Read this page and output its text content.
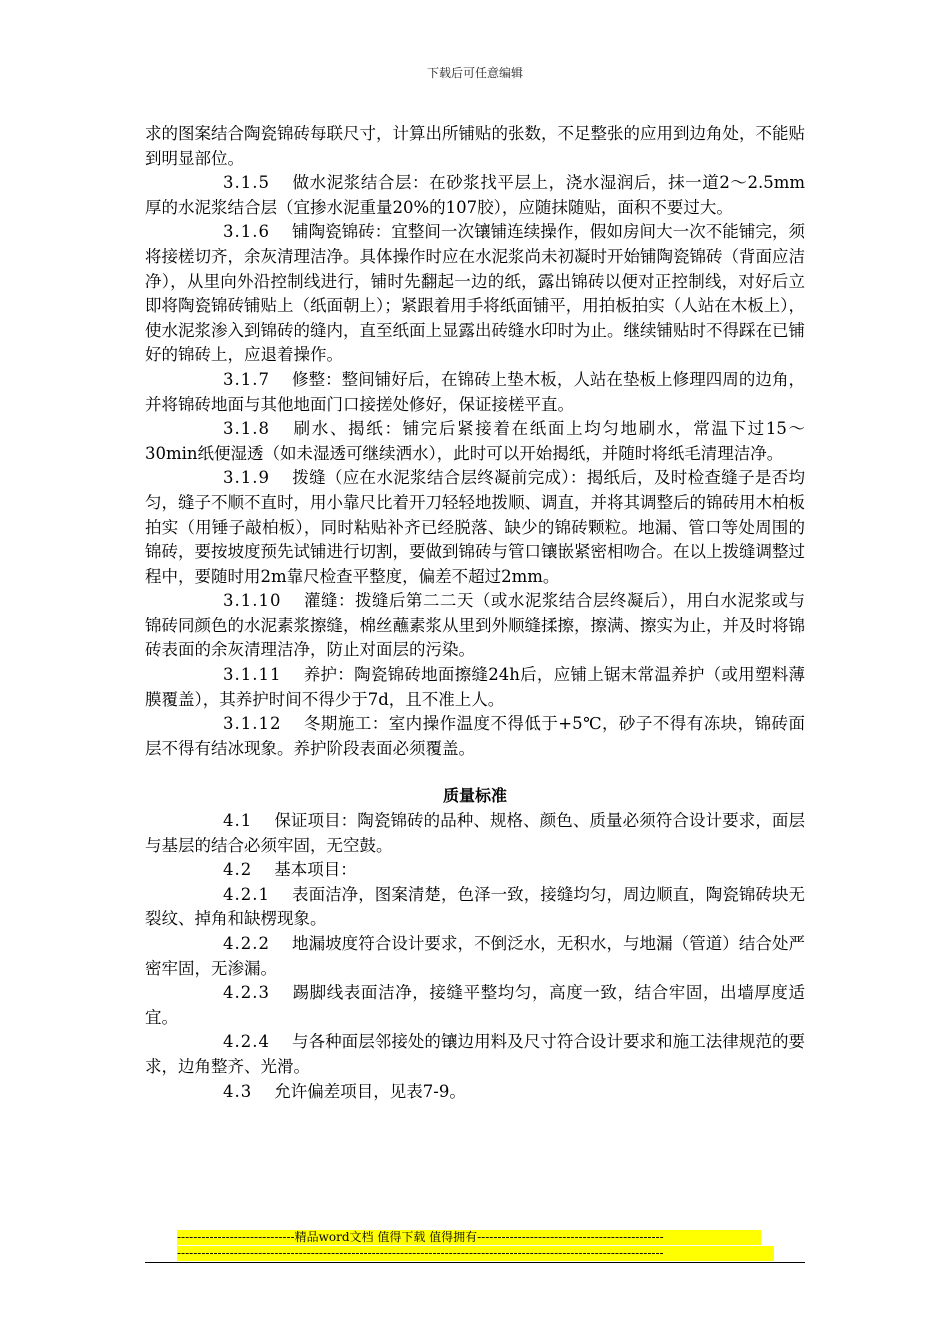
下载后可任意编辑

求的图案结合陶瓷锦砖每联尺寸，计算出所铺贴的张数，不足整张的应用到边角处，不能贴到明显部位。

3.1.5 做水泥浆结合层：在砂浆找平层上，浇水湿润后，抹一道2～2.5mm厚的水泥浆结合层（宜掺水泥重量20%的107胶），应随抹随贴，面积不要过大。

3.1.6 铺陶瓷锦砖：宜整间一次镶铺连续操作，假如房间大一次不能铺完，须将接槎切齐，余灰清理洁净。具体操作时应在水泥浆尚未初凝时开始铺陶瓷锦砖（背面应洁净），从里向外沿控制线进行，铺时先翻起一边的纸，露出锦砖以便对正控制线，对好后立即将陶瓷锦砖铺贴上（纸面朝上）；紧跟着用手将纸面铺平，用拍板拍实（人站在木板上），使水泥浆渗入到锦砖的缝内，直至纸面上显露出砖缝水印时为止。继续铺贴时不得踩在已铺好的锦砖上，应退着操作。

3.1.7 修整：整间铺好后，在锦砖上垫木板，人站在垫板上修理四周的边角，并将锦砖地面与其他地面门口接搓处修好，保证接槎平直。

3.1.8 刷水、揭纸：铺完后紧接着在纸面上均匀地刷水，常温下过15～30min纸便湿透（如未湿透可继续洒水），此时可以开始揭纸，并随时将纸毛清理洁净。

3.1.9 拨缝（应在水泥浆结合层终凝前完成）：揭纸后，及时检查缝子是否均匀，缝子不顺不直时，用小靠尺比着开刀轻轻地拨顺、调直，并将其调整后的锦砖用木柏板拍实（用锤子敲柏板），同时粘贴补齐已经脱落、缺少的锦砖颗粒。地漏、管口等处周围的锦砖，要按坡度预先试铺进行切割，要做到锦砖与管口镶嵌紧密相吻合。在以上拨缝调整过程中，要随时用2m靠尺检查平整度，偏差不超过2mm。

3.1.10 灌缝：拨缝后第二二天（或水泥浆结合层终凝后），用白水泥浆或与锦砖同颜色的水泥素浆擦缝，棉丝蘸素浆从里到外顺缝揉擦，擦满、擦实为止，并及时将锦砖表面的余灰清理洁净，防止对面层的污染。

3.1.11 养护：陶瓷锦砖地面擦缝24h后，应铺上锯末常温养护（或用塑料薄膜覆盖），其养护时间不得少于7d，且不准上人。

3.1.12 冬期施工：室内操作温度不得低于+5℃，砂子不得有冻块，锦砖面层不得有结冰现象。养护阶段表面必须覆盖。

质量标准

4.1 保证项目：陶瓷锦砖的品种、规格、颜色、质量必须符合设计要求，面层与基层的结合必须牢固，无空鼓。

4.2 基本项目：

4.2.1 表面洁净，图案清楚，色泽一致，接缝均匀，周边顺直，陶瓷锦砖块无裂纹、掉角和缺楞现象。

4.2.2 地漏坡度符合设计要求，不倒泛水，无积水，与地漏（管道）结合处严密牢固，无渗漏。

4.2.3 踢脚线表面洁净，接缝平整均匀，高度一致，结合牢固，出墙厚度适宜。

4.2.4 与各种面层邻接处的镶边用料及尺寸符合设计要求和施工法律规范的要求，边角整齐、光滑。

4.3 允许偏差项目，见表7-9。

-----------------------------精品word文档 值得下载 值得拥有----------------------------------------------
------------------------------------------------------------------------------------------------------------------------
